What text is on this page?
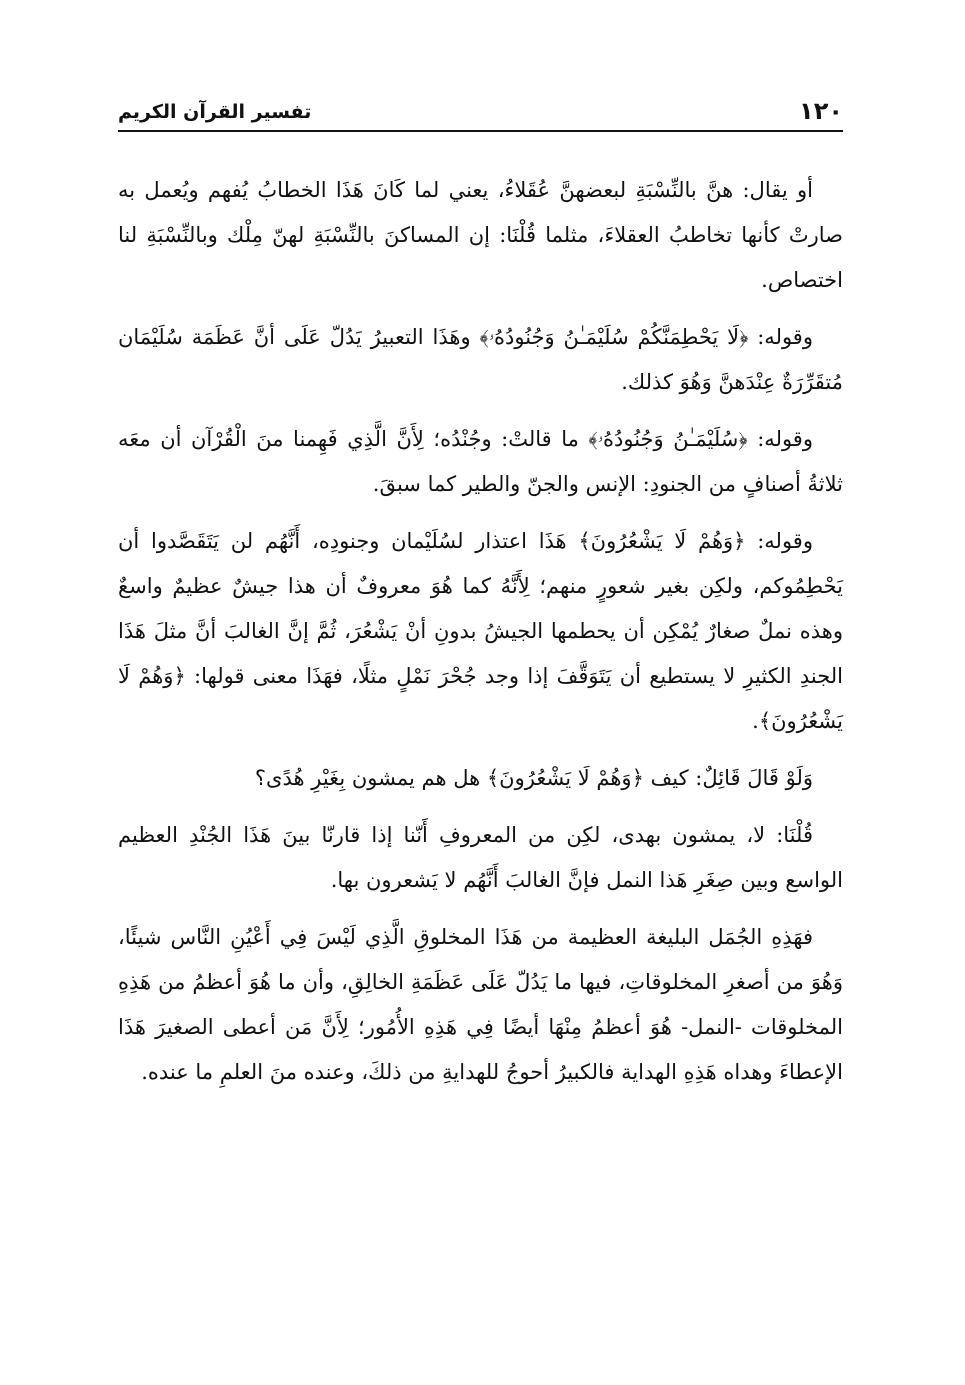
١٢٠
تفسير القرآن الكريم

أو يقال: هنَّ بالنِّسْبَةِ لبعضهنَّ عُقَلاءُ، يعني لما كَانَ هَذَا الخطابُ يُفهم ويُعمل به صارتْ كأنها تخاطبُ العقلاءَ، مثلما قُلْنَا: إن المساكنَ بالنِّسْبَةِ لهنّ مِلْك وبالنِّسْبَةِ لنا اختصاص.

وقوله: ﴿لَا يَحْطِمَنَّكُمْ سُلَيْمَـٰنُ وَجُنُودُهُۥ﴾ وهَذَا التعبيرُ يَدُلّ عَلَى أنَّ عَظَمَة سُلَيْمَان مُتقَرِّرَةٌ عِنْدَهنَّ وَهُوَ كذلك.

وقوله: ﴿سُلَيْمَـٰنُ وَجُنُودُهُۥ﴾ ما قالتْ: وجُنْدُه؛ لِأَنَّ الَّذِي فَهِمنا منَ الْقُرْآن أن معَه ثلاثةُ أصنافٍ من الجنودِ: الإنس والجنّ والطير كما سبقَ.

وقوله: ﴿وَهُمْ لَا يَشْعُرُونَ﴾ هَذَا اعتذار لسُلَيْمان وجنودِه، أَنَّهُم لن يَتَقَصَّدوا أن يَحْطِمُوكم، ولكِن بغير شعورٍ منهم؛ لِأَنَّهُ كما هُوَ معروفٌ أن هذا جيشٌ عظيمٌ واسعٌ وهذه نملٌ صغارٌ يُمْكِن أن يحطمها الجيشُ بدونِ أنْ يَشْعُرَ، ثُمَّ إنَّ الغالبَ أنَّ مثلَ هَذَا الجندِ الكثيرِ لا يستطيع أن يَتَوَقَّفَ إذا وجد جُحْرَ نَمْلٍ مثلًا، فهَذَا معنى قولها: ﴿وَهُمْ لَا يَشْعُرُونَ﴾.

وَلَوْ قَالَ قَائِلٌ: كيف ﴿وَهُمْ لَا يَشْعُرُونَ﴾ هل هم يمشون بِغَيْرِ هُدًى؟

قُلْنَا: لا، يمشون بهدى، لكِن من المعروفِ أَنّنا إذا قارنّا بينَ هَذَا الجُنْدِ العظيم الواسع وبين صِغَرِ هَذا النمل فإنَّ الغالبَ أَنَّهُم لا يَشعرون بها.

فهَذِهِ الجُمَل البليغة العظيمة من هَذَا المخلوقِ الَّذِي لَيْسَ فِي أَعْيُنِ النَّاس شيئًا، وَهُوَ من أصغرِ المخلوقاتِ، فيها ما يَدُلّ عَلَى عَظَمَةِ الخالِقِ، وأن ما هُوَ أعظمُ من هَذِهِ المخلوقات -النمل- هُوَ أعظمُ مِنْهَا أيضًا فِي هَذِهِ الأُمُور؛ لِأَنَّ مَن أعطى الصغيرَ هَذَا الإعطاءَ وهداه هَذِهِ الهداية فالكبيرُ أحوجُ للهدايةِ من ذلكَ، وعنده منَ العلمِ ما عنده.
